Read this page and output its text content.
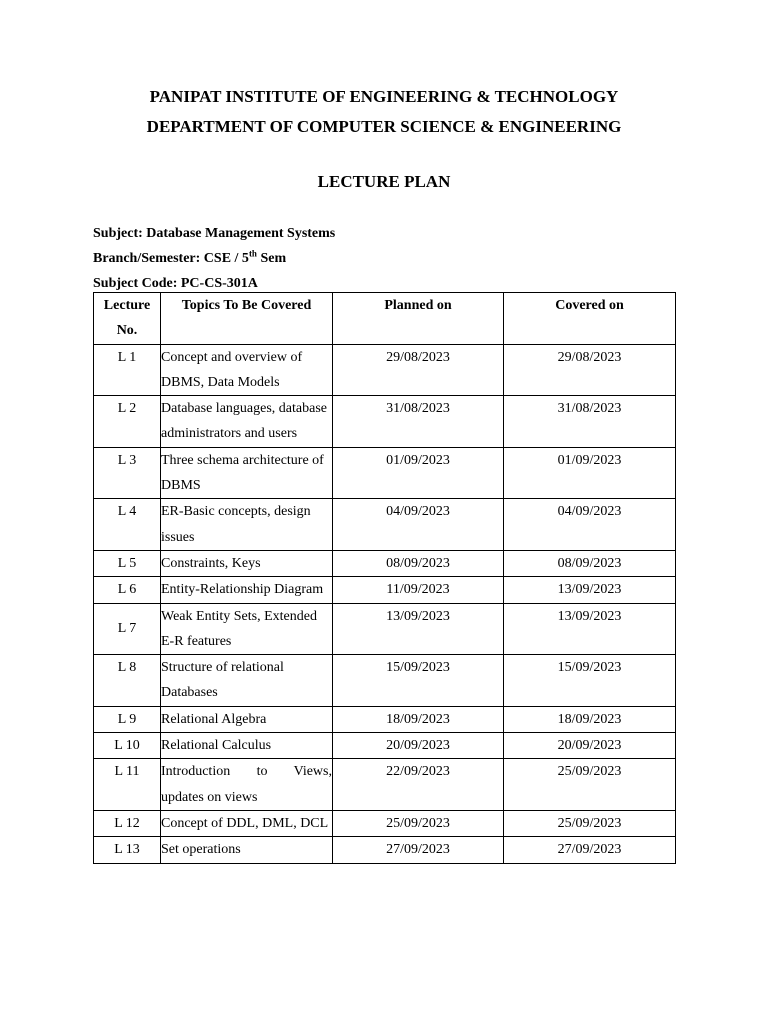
PANIPAT INSTITUTE OF ENGINEERING & TECHNOLOGY
DEPARTMENT OF COMPUTER SCIENCE & ENGINEERING
LECTURE PLAN
Subject: Database Management Systems
Branch/Semester: CSE / 5th Sem
Subject Code: PC-CS-301A
Lecture
No.	Topics To Be Covered	Planned on	Covered on
L 1	Concept and overview of DBMS, Data Models	29/08/2023	29/08/2023
L 2	Database languages, database administrators and users	31/08/2023	31/08/2023
L 3	Three schema architecture of DBMS	01/09/2023	01/09/2023
L 4	ER-Basic concepts, design issues	04/09/2023	04/09/2023
L 5	Constraints, Keys	08/09/2023	08/09/2023
L 6	Entity-Relationship Diagram	11/09/2023	13/09/2023
L 7	Weak Entity Sets, Extended E-R features	13/09/2023	13/09/2023
L 8	Structure of relational Databases	15/09/2023	15/09/2023
L 9	Relational Algebra	18/09/2023	18/09/2023
L 10	Relational Calculus	20/09/2023	20/09/2023
L 11	Introduction to Views, updates on views	22/09/2023	25/09/2023
L 12	Concept of DDL, DML, DCL	25/09/2023	25/09/2023
L 13	Set operations	27/09/2023	27/09/2023
